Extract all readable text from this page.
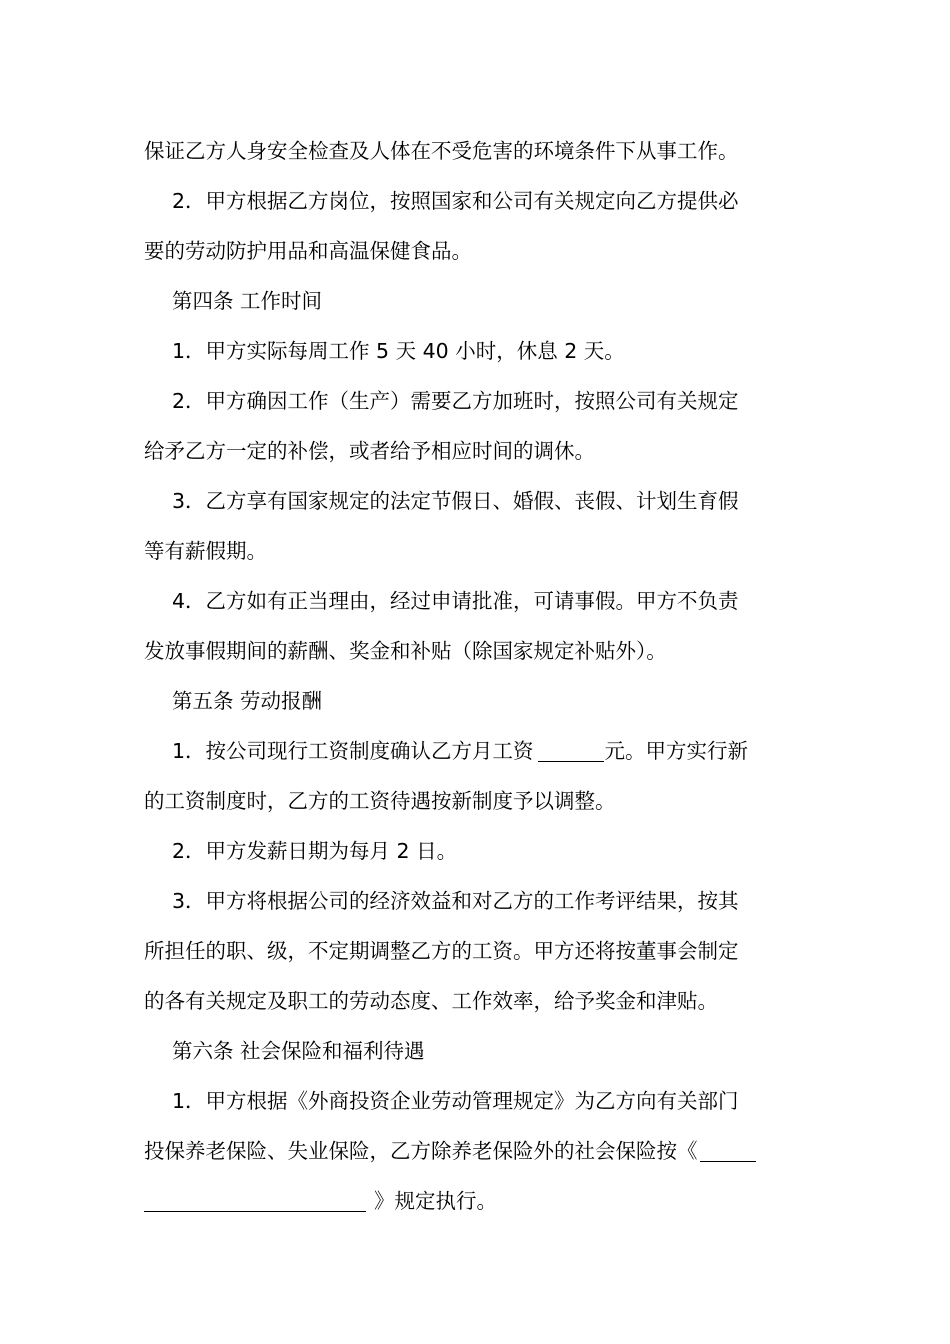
保证乙方人身安全检查及人体在不受危害的环境条件下从事工作。
2．甲方根据乙方岗位，按照国家和公司有关规定向乙方提供必
要的劳动防护用品和高温保健食品。
第四条 工作时间
1．甲方实际每周工作 5 天 40 小时，休息 2 天。
2．甲方确因工作（生产）需要乙方加班时，按照公司有关规定
给矛乙方一定的补偿，或者给予相应时间的调休。
3．乙方享有国家规定的法定节假日、婚假、丧假、计划生育假
等有薪假期。
4．乙方如有正当理由，经过申请批准，可请事假。甲方不负责
发放事假期间的薪酬、奖金和补贴（除国家规定补贴外）。
第五条 劳动报酬
1．按公司现行工资制度确认乙方月工资	元。甲方实行新
的工资制度时，乙方的工资待遇按新制度予以调整。
2．甲方发薪日期为每月 2 日。
3．甲方将根据公司的经济效益和对乙方的工作考评结果，按其
所担任的职、级，不定期调整乙方的工资。甲方还将按董事会制定
的各有关规定及职工的劳动态度、工作效率，给予奖金和津贴。
第六条 社会保险和福利待遇
1．甲方根据《外商投资企业劳动管理规定》为乙方向有关部门
投保养老保险、失业保险，乙方除养老保险外的社会保险按《
》规定执行。
